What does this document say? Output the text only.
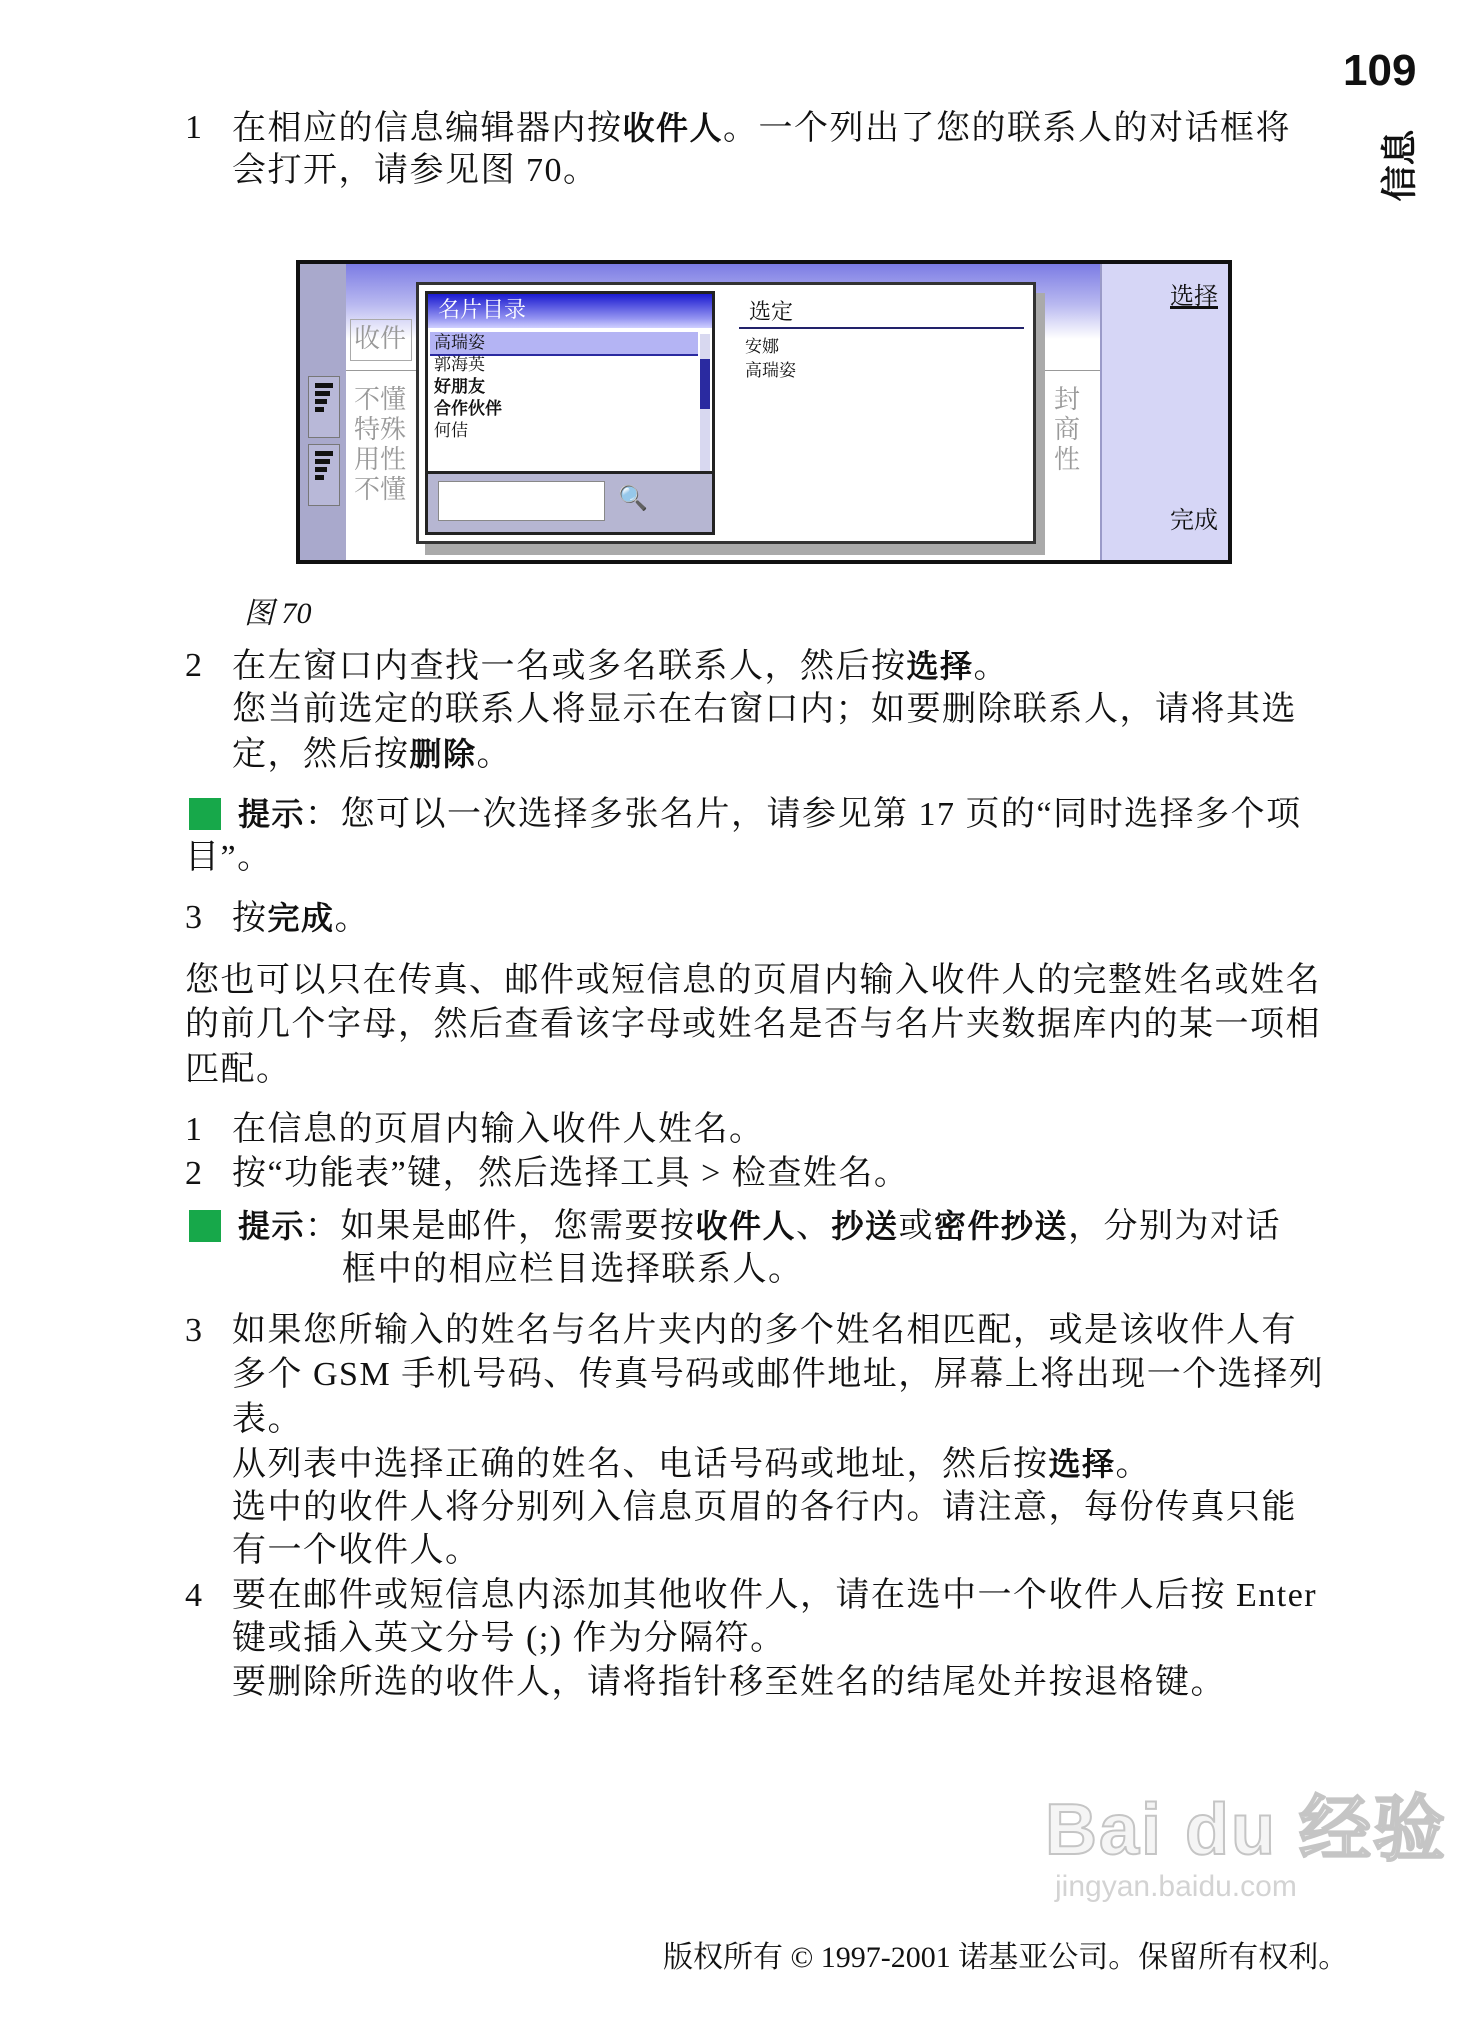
109
信息
收件
不懂
特殊
用性
不懂
封
商
性
选择
完成
名片目录
高瑞姿
郭海英
好朋友
合作伙伴
何佶
🔍
选定
安娜
高瑞姿
图 70
1 在相应的信息编辑器内按收件人。一个列出了您的联系人的对话框将
会打开，请参见图 70。
2 在左窗口内查找一名或多名联系人，然后按选择。
您当前选定的联系人将显示在右窗口内；如要删除联系人，请将其选
定，然后按删除。
提示：您可以一次选择多张名片，请参见第 17 页的“同时选择多个项
目”。
3 按完成。
您也可以只在传真、邮件或短信息的页眉内输入收件人的完整姓名或姓名
的前几个字母，然后查看该字母或姓名是否与名片夹数据库内的某一项相
匹配。
1 在信息的页眉内输入收件人姓名。
2 按“功能表”键，然后选择工具 > 检查姓名。
提示：如果是邮件，您需要按收件人、抄送或密件抄送，分别为对话
框中的相应栏目选择联系人。
3 如果您所输入的姓名与名片夹内的多个姓名相匹配，或是该收件人有
多个 GSM 手机号码、传真号码或邮件地址，屏幕上将出现一个选择列
表。
从列表中选择正确的姓名、电话号码或地址，然后按选择。
选中的收件人将分别列入信息页眉的各行内。请注意，每份传真只能
有一个收件人。
4 要在邮件或短信息内添加其他收件人，请在选中一个收件人后按 Enter
键或插入英文分号 (;) 作为分隔符。
要删除所选的收件人，请将指针移至姓名的结尾处并按退格键。
Bai du 经验
jingyan.baidu.com
版权所有 © 1997-2001 诺基亚公司。保留所有权利。
